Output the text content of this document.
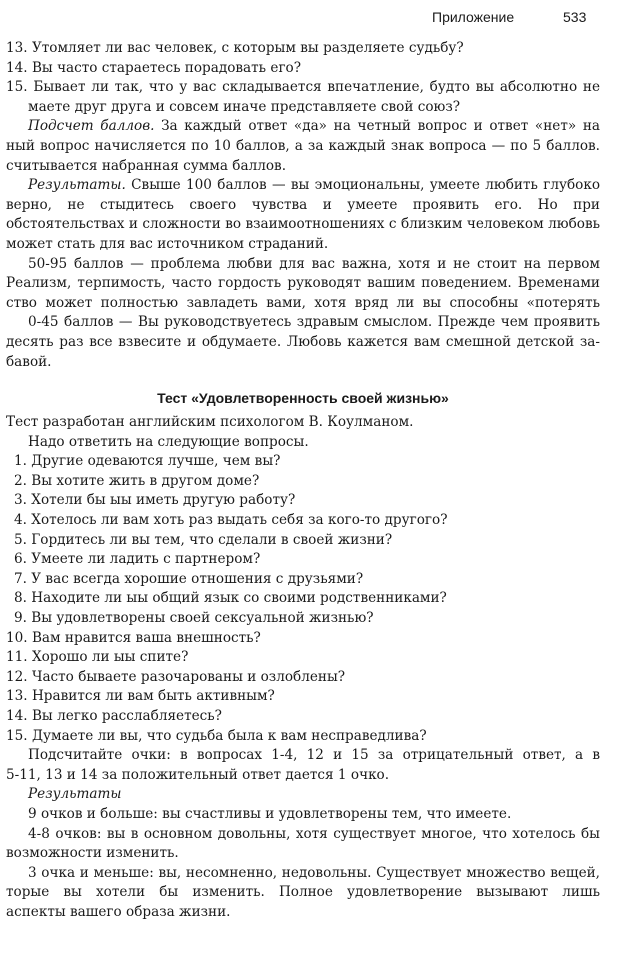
Приложение	533
13. Утомляет ли вас человек, с которым вы разделяете судьбу?
14. Вы часто стараетесь порадовать его?
15. Бывает ли так, что у вас складывается впечатление, будто вы абсолютно не
маете друг друга и совсем иначе представляете свой союз?
Подсчет баллов. За каждый ответ «да» на четный вопрос и ответ «нет» на
ный вопрос начисляется по 10 баллов, а за каждый знак вопроса — по 5 баллов.
считывается набранная сумма баллов.
Результаты. Свыше 100 баллов — вы эмоциональны, умеете любить глубоко
верно, не стыдитесь своего чувства и умеете проявить его. Но при
обстоятельствах и сложности во взаимоотношениях с близким человеком любовь
может стать для вас источником страданий.
50-95 баллов — проблема любви для вас важна, хотя и не стоит на первом
Реализм, терпимость, часто гордость руководят вашим поведением. Временами
ство может полностью завладеть вами, хотя вряд ли вы способны «потерять
0-45 баллов — Вы руководствуетесь здравым смыслом. Прежде чем проявить
десять раз все взвесите и обдумаете. Любовь кажется вам смешной детской за-
бавой.
Тест «Удовлетворенность своей жизнью»
Тест разработан английским психологом В. Коулманом.
Надо ответить на следующие вопросы.
1. Другие одеваются лучше, чем вы?
2. Вы хотите жить в другом доме?
3. Хотели бы ыы иметь другую работу?
4. Хотелось ли вам хоть раз выдать себя за кого-то другого?
5. Гордитесь ли вы тем, что сделали в своей жизни?
6. Умеете ли ладить с партнером?
7. У вас всегда хорошие отношения с друзьями?
8. Находите ли ыы общий язык со своими родственниками?
9. Вы удовлетворены своей сексуальной жизнью?
10. Вам нравится ваша внешность?
11. Хорошо ли ыы спите?
12. Часто бываете разочарованы и озлоблены?
13. Нравится ли вам быть активным?
14. Вы легко расслабляетесь?
15. Думаете ли вы, что судьба была к вам несправедлива?
Подсчитайте очки: в вопросах 1-4, 12 и 15 за отрицательный ответ, а в
5-11, 13 и 14 за положительный ответ дается 1 очко.
Результаты
9 очков и больше: вы счастливы и удовлетворены тем, что имеете.
4-8 очков: вы в основном довольны, хотя существует многое, что хотелось бы
возможности изменить.
3 очка и меньше: вы, несомненно, недовольны. Существует множество вещей,
торые вы хотели бы изменить. Полное удовлетворение вызывают лишь
аспекты вашего образа жизни.
